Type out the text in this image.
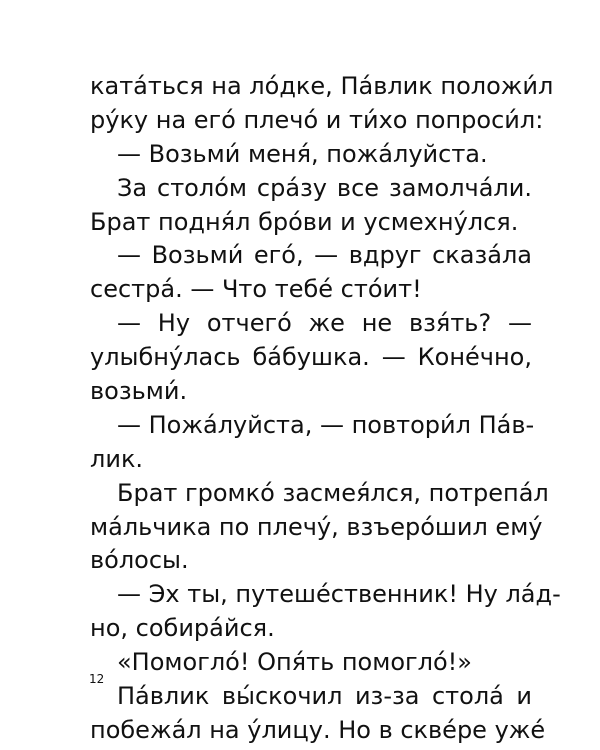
ката́ться на ло́дке, Па́влик положи́л
ру́ку на его́ плечо́ и ти́хо попроси́л:
— Возьми́ меня́, пожа́луйста.
За столо́м сра́зу все замолча́ли.
Брат подня́л бро́ви и усмехну́лся.
— Возьми́ его́, — вдруг сказа́ла
сестра́. — Что тебе́ сто́ит!
— Ну отчего́ же не взя́ть? —
улыбну́лась ба́бушка. — Коне́чно,
возьми́.
— Пожа́луйста, — повтори́л Па́в-
лик.
Брат громко́ засмея́лся, потрепа́л
ма́льчика по плечу́, взъеро́шил ему́
во́лосы.
— Эх ты, путеше́ственник! Ну ла́д-
но, собира́йся.
«Помогло́! Опя́ть помогло́!»
Па́влик вы́скочил из-за стола́ и
побежа́л на у́лицу. Но в скве́ре уже́
12
